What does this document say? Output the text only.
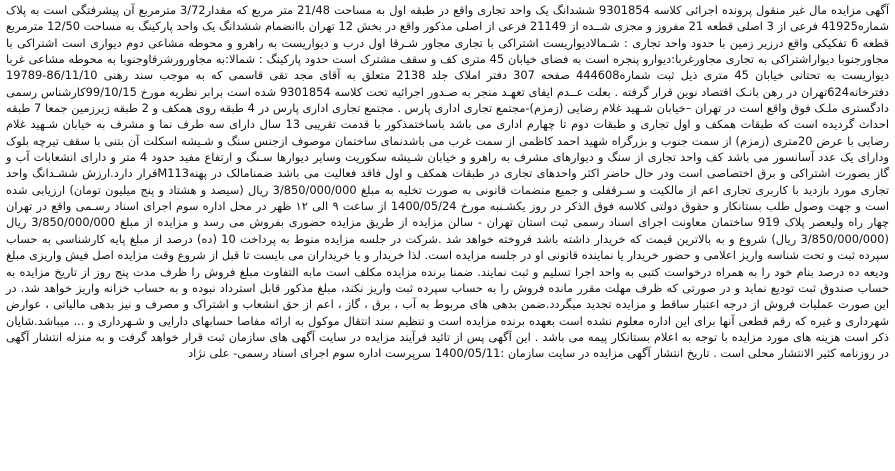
آگهی مزایده مال غیر منقول پرونده اجرائی کلاسه 9301854 ششدانگ یک واحد تجاری واقع در طبقه اول به مساحت 21/48 متر مربع که مقدار3/72 مترمربع آن پیشرفتگی است به پلاک شماره41925 فرعی از 3 اصلی قطعه 21 مفروز و مجزی شــده از 21149 فرعی از اصلی مذکور واقع در بخش 12 تهران باانضمام ششدانگ یک واحد پارکینگ به مساحت 12/50 مترمربع قطعه 6 تفکیکی واقع درزیر زمین با حدود واحد تجاری : شـمالادیواریست اشتراکی با تجاری مجاور شـرقا اول درب و دیواریست به راهرو و محوطه مشاعی دوم دیواری است اشتراکی با مجاورجنوبا دیواراشتراکی به تجاری مجاورغربا:دیوارو پنجره است به فضای خیابان 45 متری کف و سقف مشترک است حدود پارکینگ : شمالا:به مجاورورشرقاوجنوبا به محوطه مشاعی غربا دیواریست به تحتانی خیابان 45 متری ذیل ثبت شماره444608 صفحه 307 دفتر املاک جلد 2138 متعلق به آقای مجد تقی قاسمی که به موجب سند رهنی 86/11/10-19789 دفترخانه624تهران در رهن بانـک اقتصاد نوین قرار گرفته . بعلت عــدم ایفای تعهـد منجر به صـدور اجرائیه تحت کلاسه 9301854 شده است برابر نظریه مورخ 99/10/15کارشناس رسمی دادگستری ملـک فوق واقع است در تهران –خیابان شـهید غلام رضایی (زمزم)-مجتمع تجاری اداری پارس . مجتمع تجاری اداری پارس در 4 طبقه روی همکف و 2 طبقه زیرزمین جمعا 7 طبقه احداث گردیده است که طبقات همکف و اول تجاری و طبقات دوم تا چهارم اداری می باشد باساختمذکور با قدمت تقریبی 13 سال دارای سه طرف نما و مشرف به خیابان شـهید غلام رضایی با عرض 20متری (زمزم) از سمت جنوب و بزرگراه شهید احمد کاظمی از سمت غرب می باشدنمای ساختمان موصوف ازجنس سنگ و شـیشه اسکلت آن بتنی با سقف تیرچه بلوک ودارای یک عدد آسانسور می باشد کف واحد تجاری از سنگ و دیوارهای مشرف به راهرو و خیابان شـیشه سکوریت وسایر دیوارها سـنگ و ارتفاع مفید حدود 4 متر و دارای انشعابات آب و گاز بصورت اشتراکی و برق اختصاصی است ودر حال حاضر اکثر واحدهای تجاری در طبقات همکف و اول فاقد فعالیت می باشد ضمنامالک در پهنهM113قرار دارد.ارزش ششـدانگ واحد تجاری مورد بازدید با کاربری تجاری اعم از مالکیت و سـرقفلی و جمیع منضمات قانونی به صورت تخلیه به مبلغ 3/850/000/000 ریال (سیصد و هشتاد و پنج میلیون تومان) ارزیابی شده است و جهت وصول طلب بستانکار و حقوق دولتی کلاسه فوق الذکر در روز یکشـنبه مورخ 1400/05/24 از ساعت ۹ الی ۱۲ ظهر در محل اداره سوم اجرای اسناد رسـمی واقع در تهران چهار راه ولیعصر پلاک 919 ساختمان معاونت اجرای اسناد رسمی ثبت استان تهران - سالن مزایده از طریق مزایده حضوری بفروش می رسد و مزایده از مبلغ 3/850/000/000 ریال (3/850/000/000 ریال) شروع و به بالاترین قیمت که خریدار داشته باشد فروخته خواهد شد .شرکت در جلسه مزایده منوط به پرداخت 10 (ده) درصد از مبلغ پایه کارشناسی به حساب سپرده ثبت و تحت شناسه واریز اعلامی و حضور خریدار یا نماینده قانونی او در جلسه مزایده است. لذا خریدار و یا خریداران می بایست تا قبل از شروع وقت مزایده اصل فیش واریزی مبلغ ودیعه ده درصد بنام خود را به همراه درخواست کتبی به واحد اجرا تسلیم و ثبت نمایند. ضمنا برنده مزایده مکلف است مابه التفاوت مبلغ فروش را ظرف مدت پنج روز از تاریخ مزایده به حساب صندوق ثبت تودیع نماید و در صورتی که ظرف مهلت مقرر مانده فروش را به حساب سپرده ثبت واریز نکند، مبلغ مذکور قابل استرداد نبوده و به حساب خزانه واریز خواهد شد. در این صورت عملیات فروش از درجه اعتبار ساقط و مزایده تجدید میگردد.ضمن بدهی های مربوط به آب ، برق ، گاز ، اعم از حق انشعاب و اشتراک و مصرف و نیز بدهی مالیاتی ، عوارض شهرداری و غیره که رقم قطعی آنها برای این اداره معلوم نشده است بعهده برنده مزایده است و تنظیم سند انتقال موکول به ارائه مفاصا حسابهای دارایی و شـهرداری و ... میباشد.شایان ذکر است هزینه های مورد مزایده با توجه به اعلام بستانکار پیمه می باشد . این آگهی پس از تائید فرآیند مزایده در سایت آگهی های سازمان ثبت قرار خواهد گرفت و به منزله انتشار آگهی در روزنامه کثیر الانتشار محلی است . تاریخ انتشار آگهی مزایده در سایت سازمان :1400/05/11 سرپرست اداره سوم اجرای اسناد رسمی- علی نژاد
